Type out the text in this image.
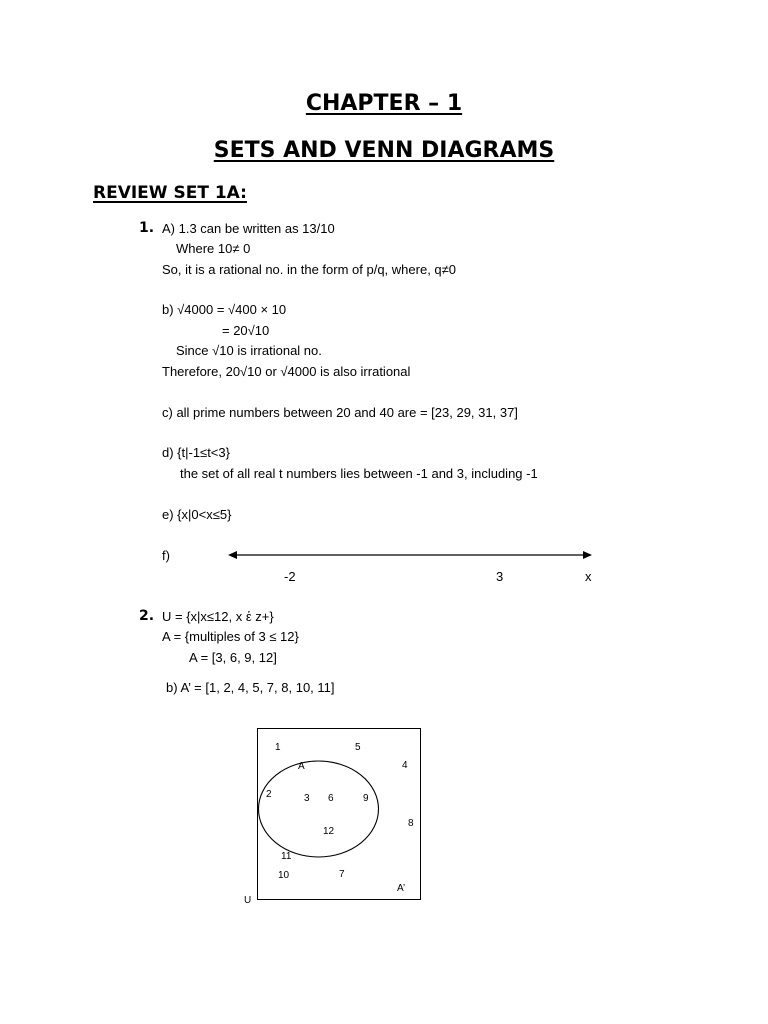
CHAPTER – 1
SETS AND VENN DIAGRAMS
REVIEW SET 1A:
1. A) 1.3 can be written as 13/10
Where 10≠ 0
So, it is a rational no. in the form of p/q, where, q≠0
b) √4000 = √400 × 10
= 20√10
Since √10 is irrational no.
Therefore, 20√10 or √4000 is also irrational
c) all prime numbers between 20 and 40 are = [23, 29, 31, 37]
d) {t|-1≤t<3}
the set of all real t numbers lies between -1 and 3, including -1
e) {x|0<x≤5}
f)
-2	3	x
2. U = {x|x≤12, x ἑ z+}
A = {multiples of 3 ≤ 12}
A = [3, 6, 9, 12]
b) A’ = [1, 2, 4, 5, 7, 8, 10, 11]
1	5
4
A
2	3 6	9
8
12
11
10	7
A’
U
